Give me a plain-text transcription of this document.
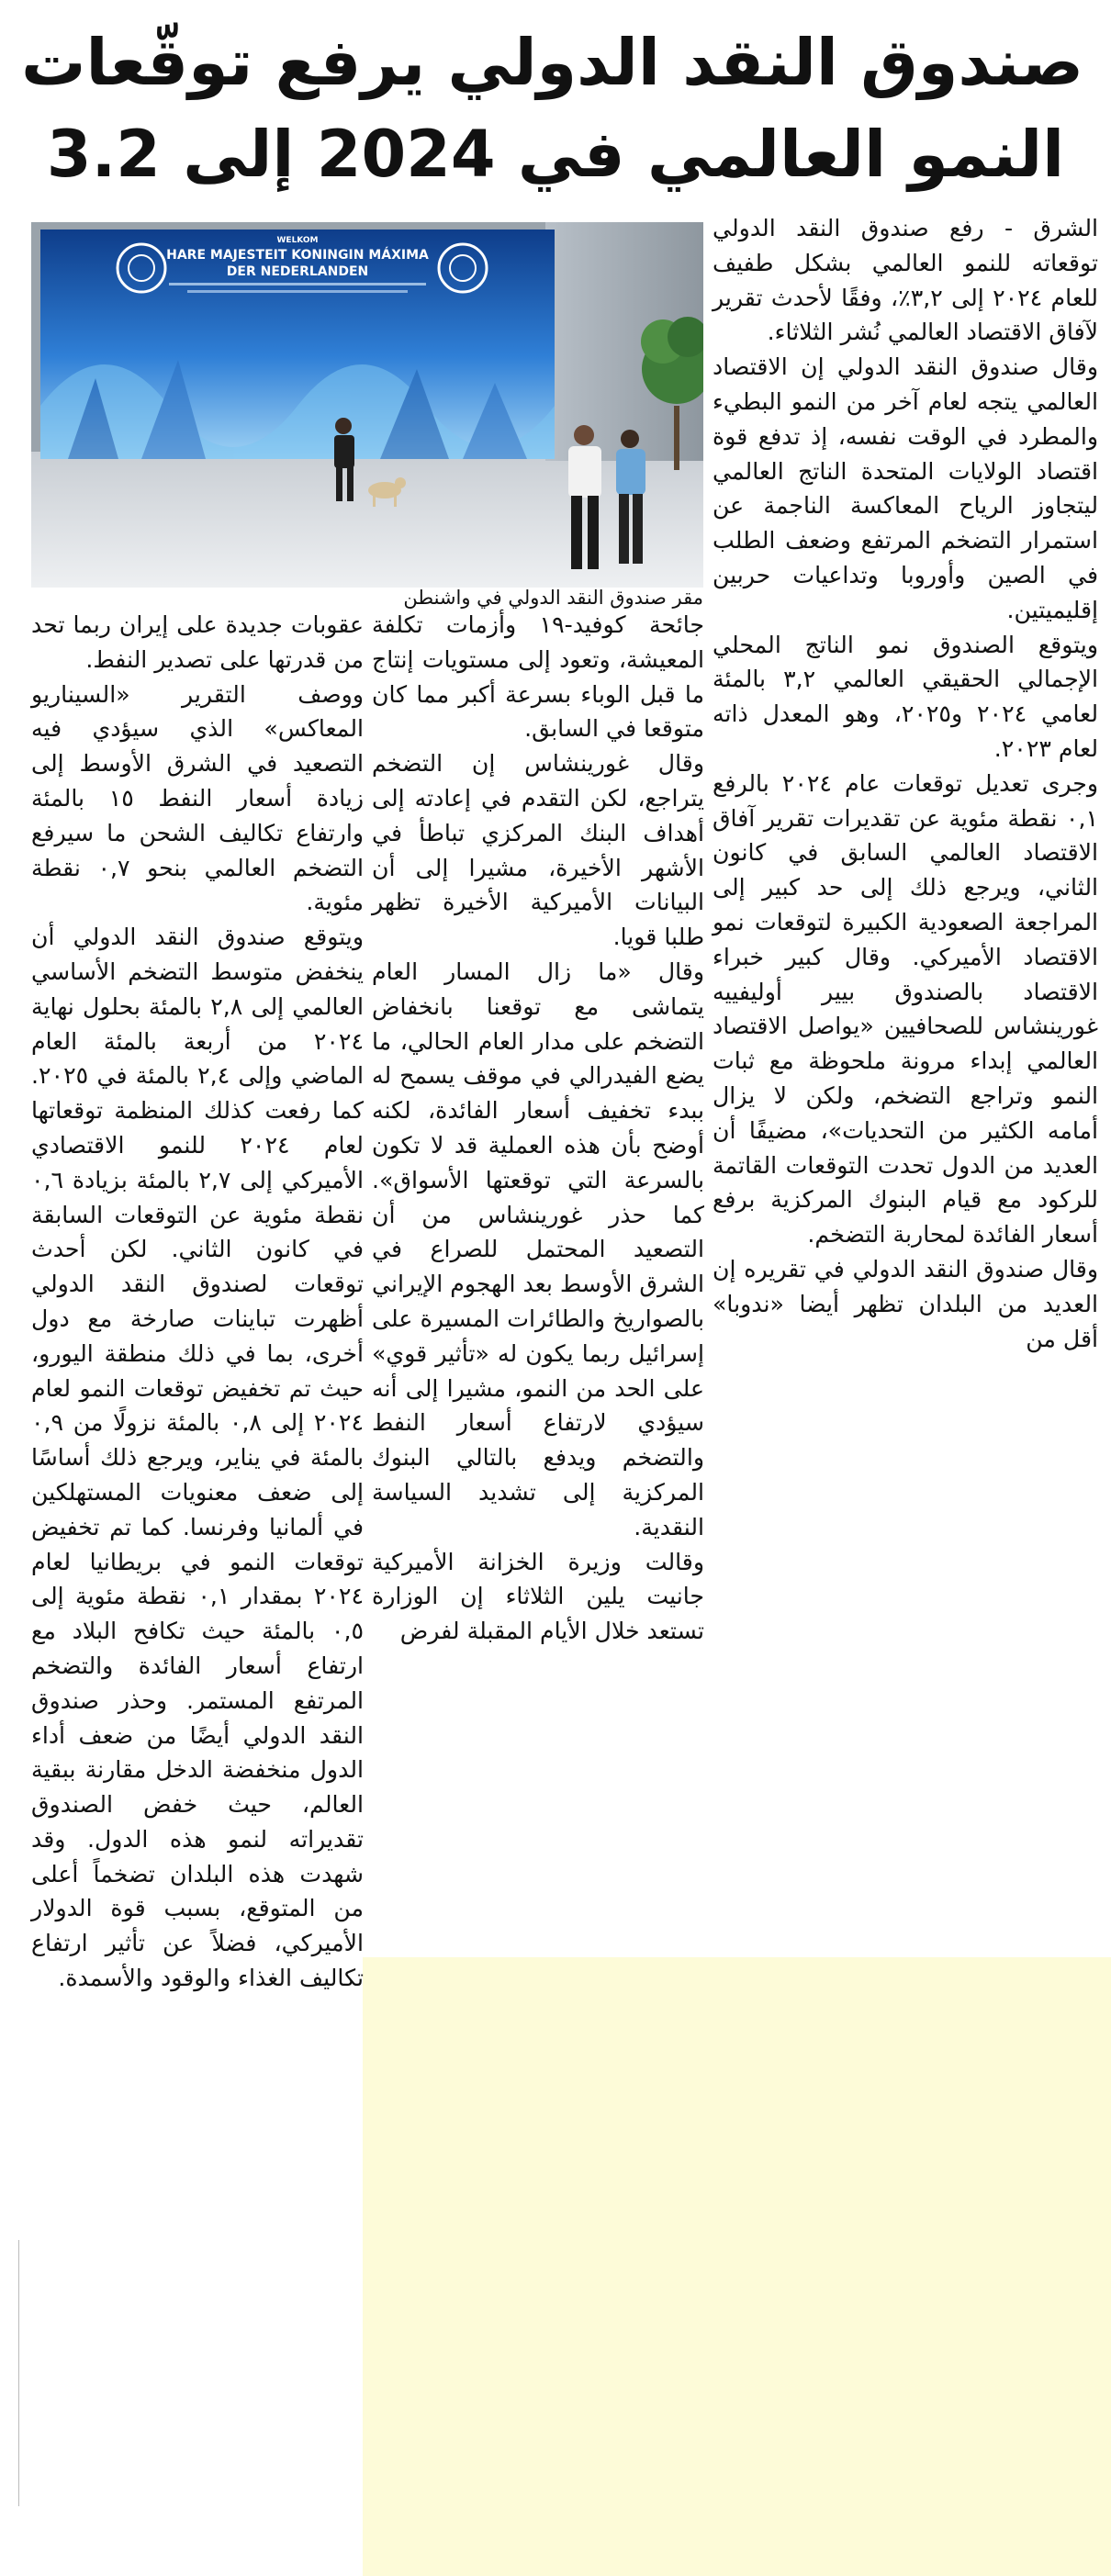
صندوق النقد الدولي يرفع توقّعات
النمو العالمي في 2024 إلى 3.2

الشرق - رفع صندوق النقد الدولي توقعاته للنمو العالمي بشكل طفيف للعام ٢٠٢٤ إلى ٣,٢٪، وفقًا لأحدث تقرير لآفاق الاقتصاد العالمي نُشر الثلاثاء.

وقال صندوق النقد الدولي إن الاقتصاد العالمي يتجه لعام آخر من النمو البطيء والمطرد في الوقت نفسه، إذ تدفع قوة اقتصاد الولايات المتحدة الناتج العالمي ليتجاوز الرياح المعاكسة الناجمة عن استمرار التضخم المرتفع وضعف الطلب في الصين وأوروبا وتداعيات حربين إقليميتين.

ويتوقع الصندوق نمو الناتج المحلي الإجمالي الحقيقي العالمي ٣,٢ بالمئة لعامي ٢٠٢٤ و٢٠٢٥، وهو المعدل ذاته لعام ٢٠٢٣.

وجرى تعديل توقعات عام ٢٠٢٤ بالرفع ٠,١ نقطة مئوية عن تقديرات تقرير آفاق الاقتصاد العالمي السابق في كانون الثاني، ويرجع ذلك إلى حد كبير إلى المراجعة الصعودية الكبيرة لتوقعات نمو الاقتصاد الأميركي. وقال كبير خبراء الاقتصاد بالصندوق بيير أوليفييه غورينشاس للصحافيين «يواصل الاقتصاد العالمي إبداء مرونة ملحوظة مع ثبات النمو وتراجع التضخم، ولكن لا يزال أمامه الكثير من التحديات»، مضيفًا أن العديد من الدول تحدت التوقعات القاتمة للركود مع قيام البنوك المركزية برفع أسعار الفائدة لمحاربة التضخم.

وقال صندوق النقد الدولي في تقريره إن العديد من البلدان تظهر أيضا «ندوبا» أقل من

WELKOM
HARE MAJESTEIT KONINGIN MÁXIMA
DER NEDERLANDEN
مقر صندوق النقد الدولي في واشنطن

جائحة كوفيد-١٩ وأزمات تكلفة المعيشة، وتعود إلى مستويات إنتاج ما قبل الوباء بسرعة أكبر مما كان متوقعا في السابق.

وقال غورينشاس إن التضخم يتراجع، لكن التقدم في إعادته إلى أهداف البنك المركزي تباطأ في الأشهر الأخيرة، مشيرا إلى أن البيانات الأميركية الأخيرة تظهر طلبا قويا.

وقال «ما زال المسار العام يتماشى مع توقعنا بانخفاض التضخم على مدار العام الحالي، ما يضع الفيدرالي في موقف يسمح له ببدء تخفيف أسعار الفائدة، لكنه أوضح بأن هذه العملية قد لا تكون بالسرعة التي توقعتها الأسواق». كما حذر غورينشاس من أن التصعيد المحتمل للصراع في الشرق الأوسط بعد الهجوم الإيراني بالصواريخ والطائرات المسيرة على إسرائيل ربما يكون له «تأثير قوي» على الحد من النمو، مشيرا إلى أنه سيؤدي لارتفاع أسعار النفط والتضخم ويدفع بالتالي البنوك المركزية إلى تشديد السياسة النقدية.

وقالت وزيرة الخزانة الأميركية جانيت يلين الثلاثاء إن الوزارة تستعد خلال الأيام المقبلة لفرض

عقوبات جديدة على إيران ربما تحد من قدرتها على تصدير النفط.

ووصف التقرير «السيناريو المعاكس» الذي سيؤدي فيه التصعيد في الشرق الأوسط إلى زيادة أسعار النفط ١٥ بالمئة وارتفاع تكاليف الشحن ما سيرفع التضخم العالمي بنحو ٠,٧ نقطة مئوية.

ويتوقع صندوق النقد الدولي أن ينخفض متوسط التضخم الأساسي العالمي إلى ٢,٨ بالمئة بحلول نهاية ٢٠٢٤ من أربعة بالمئة العام الماضي وإلى ٢,٤ بالمئة في ٢٠٢٥. كما رفعت كذلك المنظمة توقعاتها لعام ٢٠٢٤ للنمو الاقتصادي الأميركي إلى ٢,٧ بالمئة بزيادة ٠,٦ نقطة مئوية عن التوقعات السابقة في كانون الثاني. لكن أحدث توقعات لصندوق النقد الدولي أظهرت تباينات صارخة مع دول أخرى، بما في ذلك منطقة اليورو، حيث تم تخفيض توقعات النمو لعام ٢٠٢٤ إلى ٠,٨ بالمئة نزولًا من ٠,٩ بالمئة في يناير، ويرجع ذلك أساسًا إلى ضعف معنويات المستهلكين في ألمانيا وفرنسا. كما تم تخفيض توقعات النمو في بريطانيا لعام ٢٠٢٤ بمقدار ٠,١ نقطة مئوية إلى ٠,٥ بالمئة حيث تكافح البلاد مع ارتفاع أسعار الفائدة والتضخم المرتفع المستمر. وحذر صندوق النقد الدولي أيضًا من ضعف أداء الدول منخفضة الدخل مقارنة ببقية العالم، حيث خفض الصندوق تقديراته لنمو هذه الدول. وقد شهدت هذه البلدان تضخماً أعلى من المتوقع، بسبب قوة الدولار الأميركي، فضلاً عن تأثير ارتفاع تكاليف الغذاء والوقود والأسمدة.
